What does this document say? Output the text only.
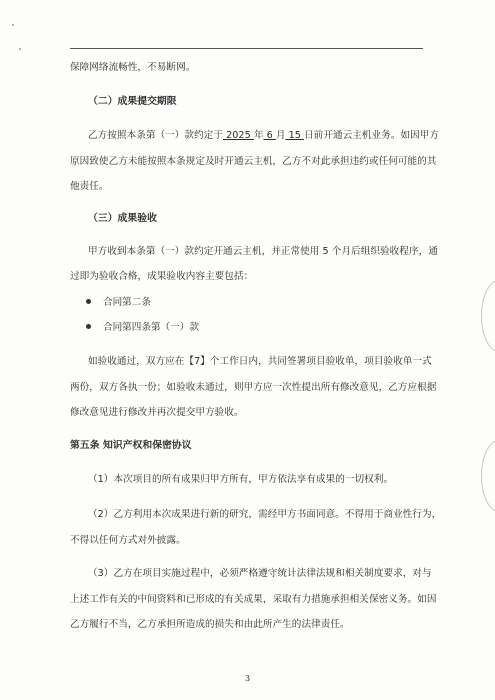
保障网络流畅性，不易断网。
（二）成果提交期限
乙方按照本条第（一）款约定于 2025 年 6 月 15 日前开通云主机业务。如因甲方
原因致使乙方未能按照本条规定及时开通云主机，乙方不对此承担违约或任何可能的其
他责任。
（三）成果验收
甲方收到本条第（一）款约定开通云主机，并正常使用 5 个月后组织验收程序，通
过即为验收合格，成果验收内容主要包括：
合同第二条
合同第四条第（一）款
如验收通过，双方应在【7】个工作日内，共同签署项目验收单，项目验收单一式
两份，双方各执一份；如验收未通过，则甲方应一次性提出所有修改意见，乙方应根据
修改意见进行修改并再次提交甲方验收。
第五条 知识产权和保密协议
（1）本次项目的所有成果归甲方所有，甲方依法享有成果的一切权利。
（2）乙方利用本次成果进行新的研究，需经甲方书面同意。不得用于商业性行为，
不得以任何方式对外披露。
（3）乙方在项目实施过程中，必须严格遵守统计法律法规和相关制度要求，对与
上述工作有关的中间资料和已形成的有关成果，采取有力措施承担相关保密义务。如因
乙方履行不当，乙方承担所造成的损失和由此所产生的法律责任。
3
